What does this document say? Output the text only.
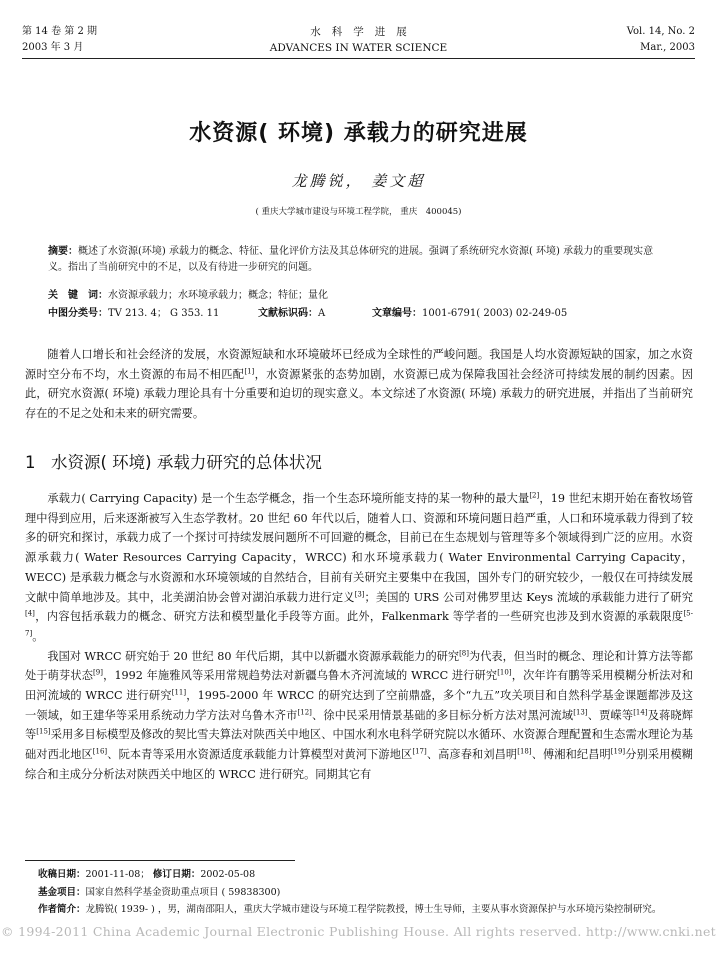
第 14 卷 第 2 期
2003 年 3 月
水科学进展
ADVANCES IN WATER SCIENCE
Vol. 14, No. 2
Mar., 2003
水资源( 环境) 承载力的研究进展
龙腾锐， 姜文超
( 重庆大学城市建设与环境工程学院， 重庆　400045)
摘要：概述了水资源(环境) 承载力的概念、特征、量化评价方法及其总体研究的进展。强调了系统研究水资源( 环境) 承载力的重要现实意义。指出了当前研究中的不足，以及有待进一步研究的问题。
关　键　词：水资源承载力；水环境承载力；概念；特征；量化
中图分类号：TV 213. 4； G 353. 11	文献标识码：A	文章编号：1001-6791( 2003) 02-249-05

随着人口增长和社会经济的发展，水资源短缺和水环境破坏已经成为全球性的严峻问题。我国是人均水资源短缺的国家，加之水资源时空分布不均，水土资源的布局不相匹配[1]，水资源紧张的态势加剧，水资源已成为保障我国社会经济可持续发展的制约因素。因此，研究水资源( 环境) 承载力理论具有十分重要和迫切的现实意义。本文综述了水资源( 环境) 承载力的研究进展，并指出了当前研究存在的不足之处和未来的研究需要。

1 水资源( 环境) 承载力研究的总体状况

承载力( Carrying Capacity) 是一个生态学概念，指一个生态环境所能支持的某一物种的最大量[2]，19 世纪末期开始在畜牧场管理中得到应用，后来逐渐被写入生态学教材。20 世纪 60 年代以后，随着人口、资源和环境问题日趋严重，人口和环境承载力得到了较多的研究和探讨，承载力成了一个探讨可持续发展问题所不可回避的概念，目前已在生态规划与管理等多个领域得到广泛的应用。水资源承载力( Water Resources Carrying Capacity，WRCC) 和水环境承载力( Water Environmental Carrying Capacity，WECC) 是承载力概念与水资源和水环境领域的自然结合，目前有关研究主要集中在我国，国外专门的研究较少，一般仅在可持续发展文献中简单地涉及。其中，北美湖泊协会曾对湖泊承载力进行定义[3]；美国的 URS 公司对佛罗里达 Keys 流域的承载能力进行了研究[4]，内容包括承载力的概念、研究方法和模型量化手段等方面。此外，Falkenmark 等学者的一些研究也涉及到水资源的承载限度[5-7]。

我国对 WRCC 研究始于 20 世纪 80 年代后期，其中以新疆水资源承载能力的研究[8]为代表，但当时的概念、理论和计算方法等都处于萌芽状态[9]，1992 年施雅风等采用常规趋势法对新疆乌鲁木齐河流域的 WRCC 进行研究[10]，次年许有鹏等采用模糊分析法对和田河流域的 WRCC 进行研究[11]，1995-2000 年 WRCC 的研究达到了空前鼎盛，多个“九五”攻关项目和自然科学基金课题都涉及这一领域，如王建华等采用系统动力学方法对乌鲁木齐市[12]、徐中民采用情景基础的多目标分析方法对黑河流域[13]、贾嵘等[14]及蒋晓辉等[15]采用多目标模型及修改的契比雪夫算法对陕西关中地区、中国水利水电科学研究院以水循环、水资源合理配置和生态需水理论为基础对西北地区[16]、阮本青等采用水资源适度承载能力计算模型对黄河下游地区[17]、高彦春和刘昌明[18]、傅湘和纪昌明[19]分别采用模糊综合和主成分分析法对陕西关中地区的 WRCC 进行研究。同期其它有

收稿日期：2001-11-08； 修订日期：2002-05-08
基金项目：国家自然科学基金资助重点项目 ( 59838300)
作者简介：龙腾锐( 1939- ) ，男，湖南邵阳人，重庆大学城市建设与环境工程学院教授，博士生导师，主要从事水资源保护与水环境污染控制研究。
© 1994-2011 China Academic Journal Electronic Publishing House. All rights reserved. http://www.cnki.net
